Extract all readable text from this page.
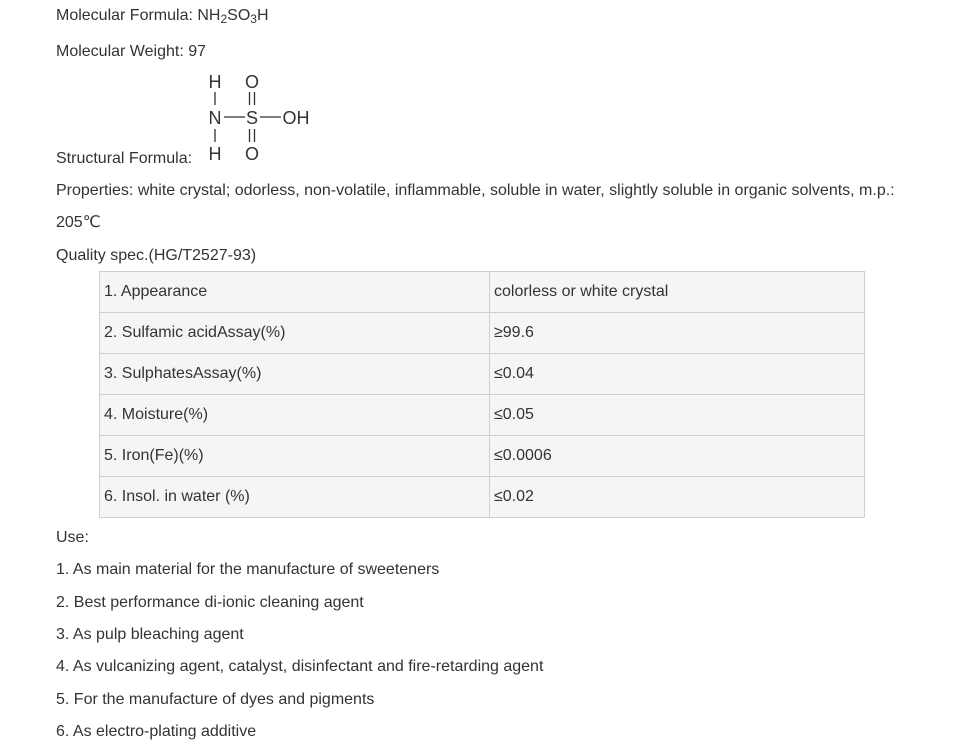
Molecular Formula: $NH_2SO_3H$
Molecular Weight: 97
H O
N S OH
H O
Structural Formula:
Properties: white crystal; odorless, non-volatile, inflammable, soluble in water, slightly soluble in organic solvents, m.p.:
205℃
Quality spec.(HG/T2527-93)
1. Appearance	colorless or white crystal
2. Sulfamic acidAssay(%)	≥99.6
3. SulphatesAssay(%)	≤0.04
4. Moisture(%)	≤0.05
5. Iron(Fe)(%)	≤0.0006
6. Insol. in water (%)	≤0.02
Use:
1. As main material for the manufacture of sweeteners
2. Best performance di-ionic cleaning agent
3. As pulp bleaching agent
4. As vulcanizing agent, catalyst, disinfectant and fire-retarding agent
5. For the manufacture of dyes and pigments
6. As electro-plating additive
